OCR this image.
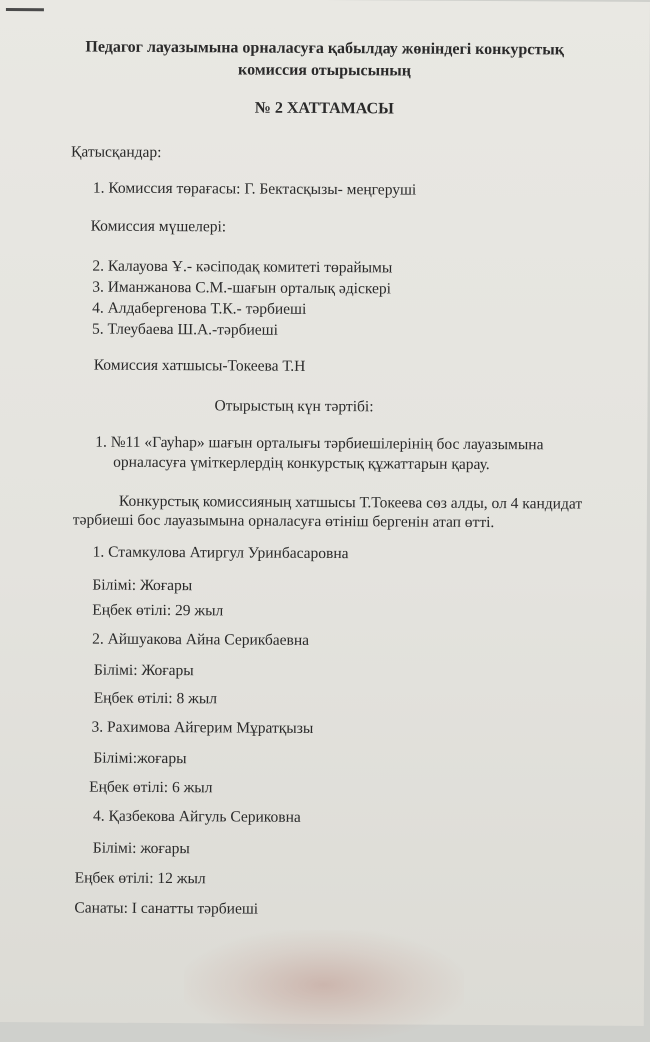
Педагог лауазымына орналасуға қабылдау жөніндегі конкурстық
комиссия отырысының
№ 2 ХАТТАМАСЫ
Қатысқандар:
1. Комиссия төрағасы: Г. Бектасқызы- меңгеруші
Комиссия мүшелері:
2. Калауова Ұ.- кәсіподақ комитеті төрайымы
3. Иманжанова С.М.-шағын орталық әдіскері
4. Алдабергенова Т.К.- тәрбиеші
5. Тлеубаева Ш.А.-тәрбиеші
Комиссия хатшысы-Токеева Т.Н
Отырыстың күн тәртібі:
1. №11 «Гауһар» шағын орталығы тәрбиешілерінің бос лауазымына
орналасуға үміткерлердің конкурстық құжаттарын қарау.
Конкурстық комиссияның хатшысы Т.Токеева сөз алды, ол 4 кандидат
тәрбиеші бос лауазымына орналасуға өтініш бергенін атап өтті.
1. Стамкулова Атиргул Уринбасаровна
Білімі: Жоғары
Еңбек өтілі: 29 жыл
2. Айшуакова Айна Серикбаевна
Білімі: Жоғары
Еңбек өтілі: 8 жыл
3. Рахимова Айгерим Мұратқызы
Білімі:жоғары
Еңбек өтілі: 6 жыл
4. Қазбекова Айгуль Сериковна
Білімі: жоғары
Еңбек өтілі: 12 жыл
Санаты: I санатты тәрбиеші
